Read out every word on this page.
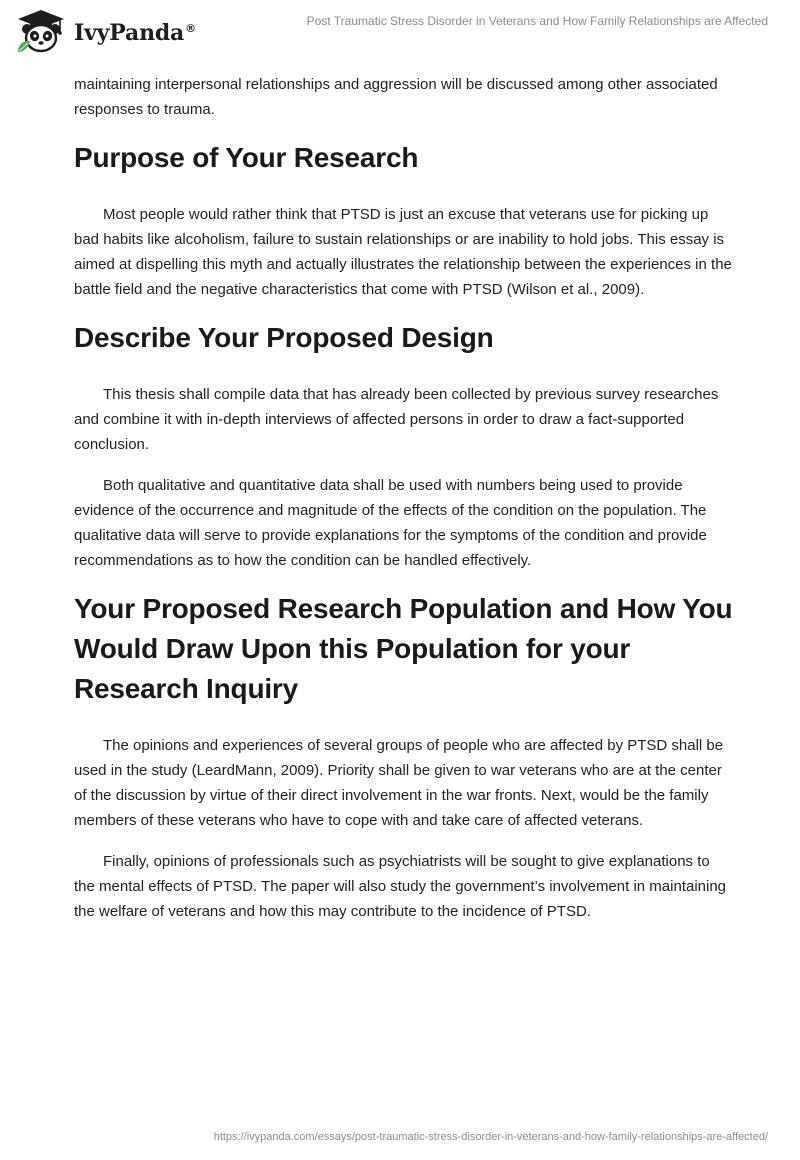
IvyPanda®
Post Traumatic Stress Disorder in Veterans and How Family Relationships are Affected

maintaining interpersonal relationships and aggression will be discussed among other associated responses to trauma.

Purpose of Your Research

Most people would rather think that PTSD is just an excuse that veterans use for picking up bad habits like alcoholism, failure to sustain relationships or are inability to hold jobs. This essay is aimed at dispelling this myth and actually illustrates the relationship between the experiences in the battle field and the negative characteristics that come with PTSD (Wilson et al., 2009).

Describe Your Proposed Design

This thesis shall compile data that has already been collected by previous survey researches and combine it with in-depth interviews of affected persons in order to draw a fact-supported conclusion.

Both qualitative and quantitative data shall be used with numbers being used to provide evidence of the occurrence and magnitude of the effects of the condition on the population. The qualitative data will serve to provide explanations for the symptoms of the condition and provide recommendations as to how the condition can be handled effectively.

Your Proposed Research Population and How You Would Draw Upon this Population for your Research Inquiry

The opinions and experiences of several groups of people who are affected by PTSD shall be used in the study (LeardMann, 2009). Priority shall be given to war veterans who are at the center of the discussion by virtue of their direct involvement in the war fronts. Next, would be the family members of these veterans who have to cope with and take care of affected veterans.

Finally, opinions of professionals such as psychiatrists will be sought to give explanations to the mental effects of PTSD. The paper will also study the government’s involvement in maintaining the welfare of veterans and how this may contribute to the incidence of PTSD.

https://ivypanda.com/essays/post-traumatic-stress-disorder-in-veterans-and-how-family-relationships-are-affected/
